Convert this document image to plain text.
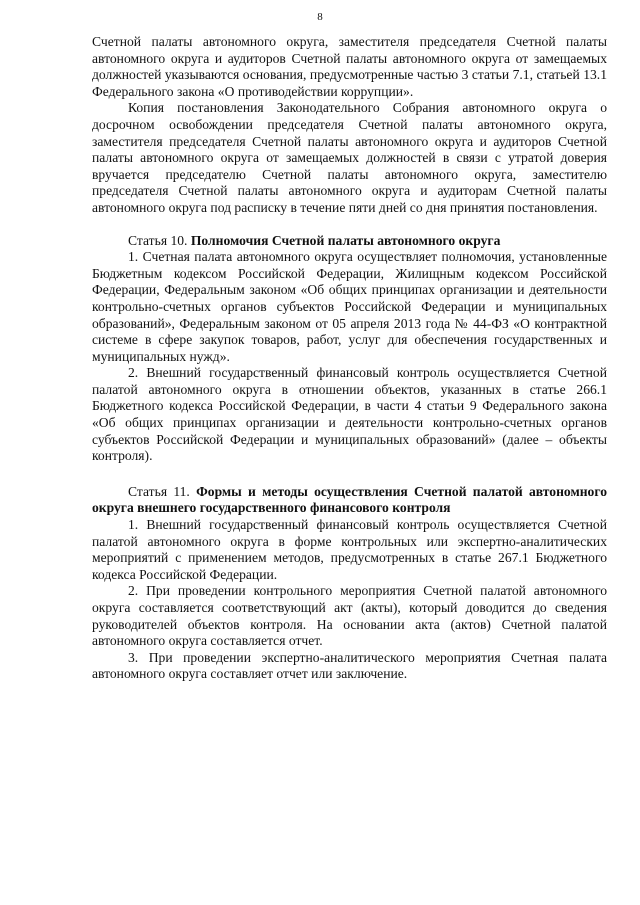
8

Счетной палаты автономного округа, заместителя председателя Счетной палаты автономного округа и аудиторов Счетной палаты автономного округа от замещаемых должностей указываются основания, предусмотренные частью 3 статьи 7.1, статьей 13.1 Федерального закона «О противодействии коррупции».

Копия постановления Законодательного Собрания автономного округа о досрочном освобождении председателя Счетной палаты автономного округа, заместителя председателя Счетной палаты автономного округа и аудиторов Счетной палаты автономного округа от замещаемых должностей в связи с утратой доверия вручается председателю Счетной палаты автономного округа, заместителю председателя Счетной палаты автономного округа и аудиторам Счетной палаты автономного округа под расписку в течение пяти дней со дня принятия постановления.

Статья 10. Полномочия Счетной палаты автономного округа

1. Счетная палата автономного округа осуществляет полномочия, установленные Бюджетным кодексом Российской Федерации, Жилищным кодексом Российской Федерации, Федеральным законом «Об общих принципах организации и деятельности контрольно-счетных органов субъектов Российской Федерации и муниципальных образований», Федеральным законом от 05 апреля 2013 года № 44-ФЗ «О контрактной системе в сфере закупок товаров, работ, услуг для обеспечения государственных и муниципальных нужд».

2. Внешний государственный финансовый контроль осуществляется Счетной палатой автономного округа в отношении объектов, указанных в статье 266.1 Бюджетного кодекса Российской Федерации, в части 4 статьи 9 Федерального закона «Об общих принципах организации и деятельности контрольно-счетных органов субъектов Российской Федерации и муниципальных образований» (далее – объекты контроля).

Статья 11. Формы и методы осуществления Счетной палатой автономного округа внешнего государственного финансового контроля

1. Внешний государственный финансовый контроль осуществляется Счетной палатой автономного округа в форме контрольных или экспертно-аналитических мероприятий с применением методов, предусмотренных в статье 267.1 Бюджетного кодекса Российской Федерации.

2. При проведении контрольного мероприятия Счетной палатой автономного округа составляется соответствующий акт (акты), который доводится до сведения руководителей объектов контроля. На основании акта (актов) Счетной палатой автономного округа составляется отчет.

3. При проведении экспертно-аналитического мероприятия Счетная палата автономного округа составляет отчет или заключение.
